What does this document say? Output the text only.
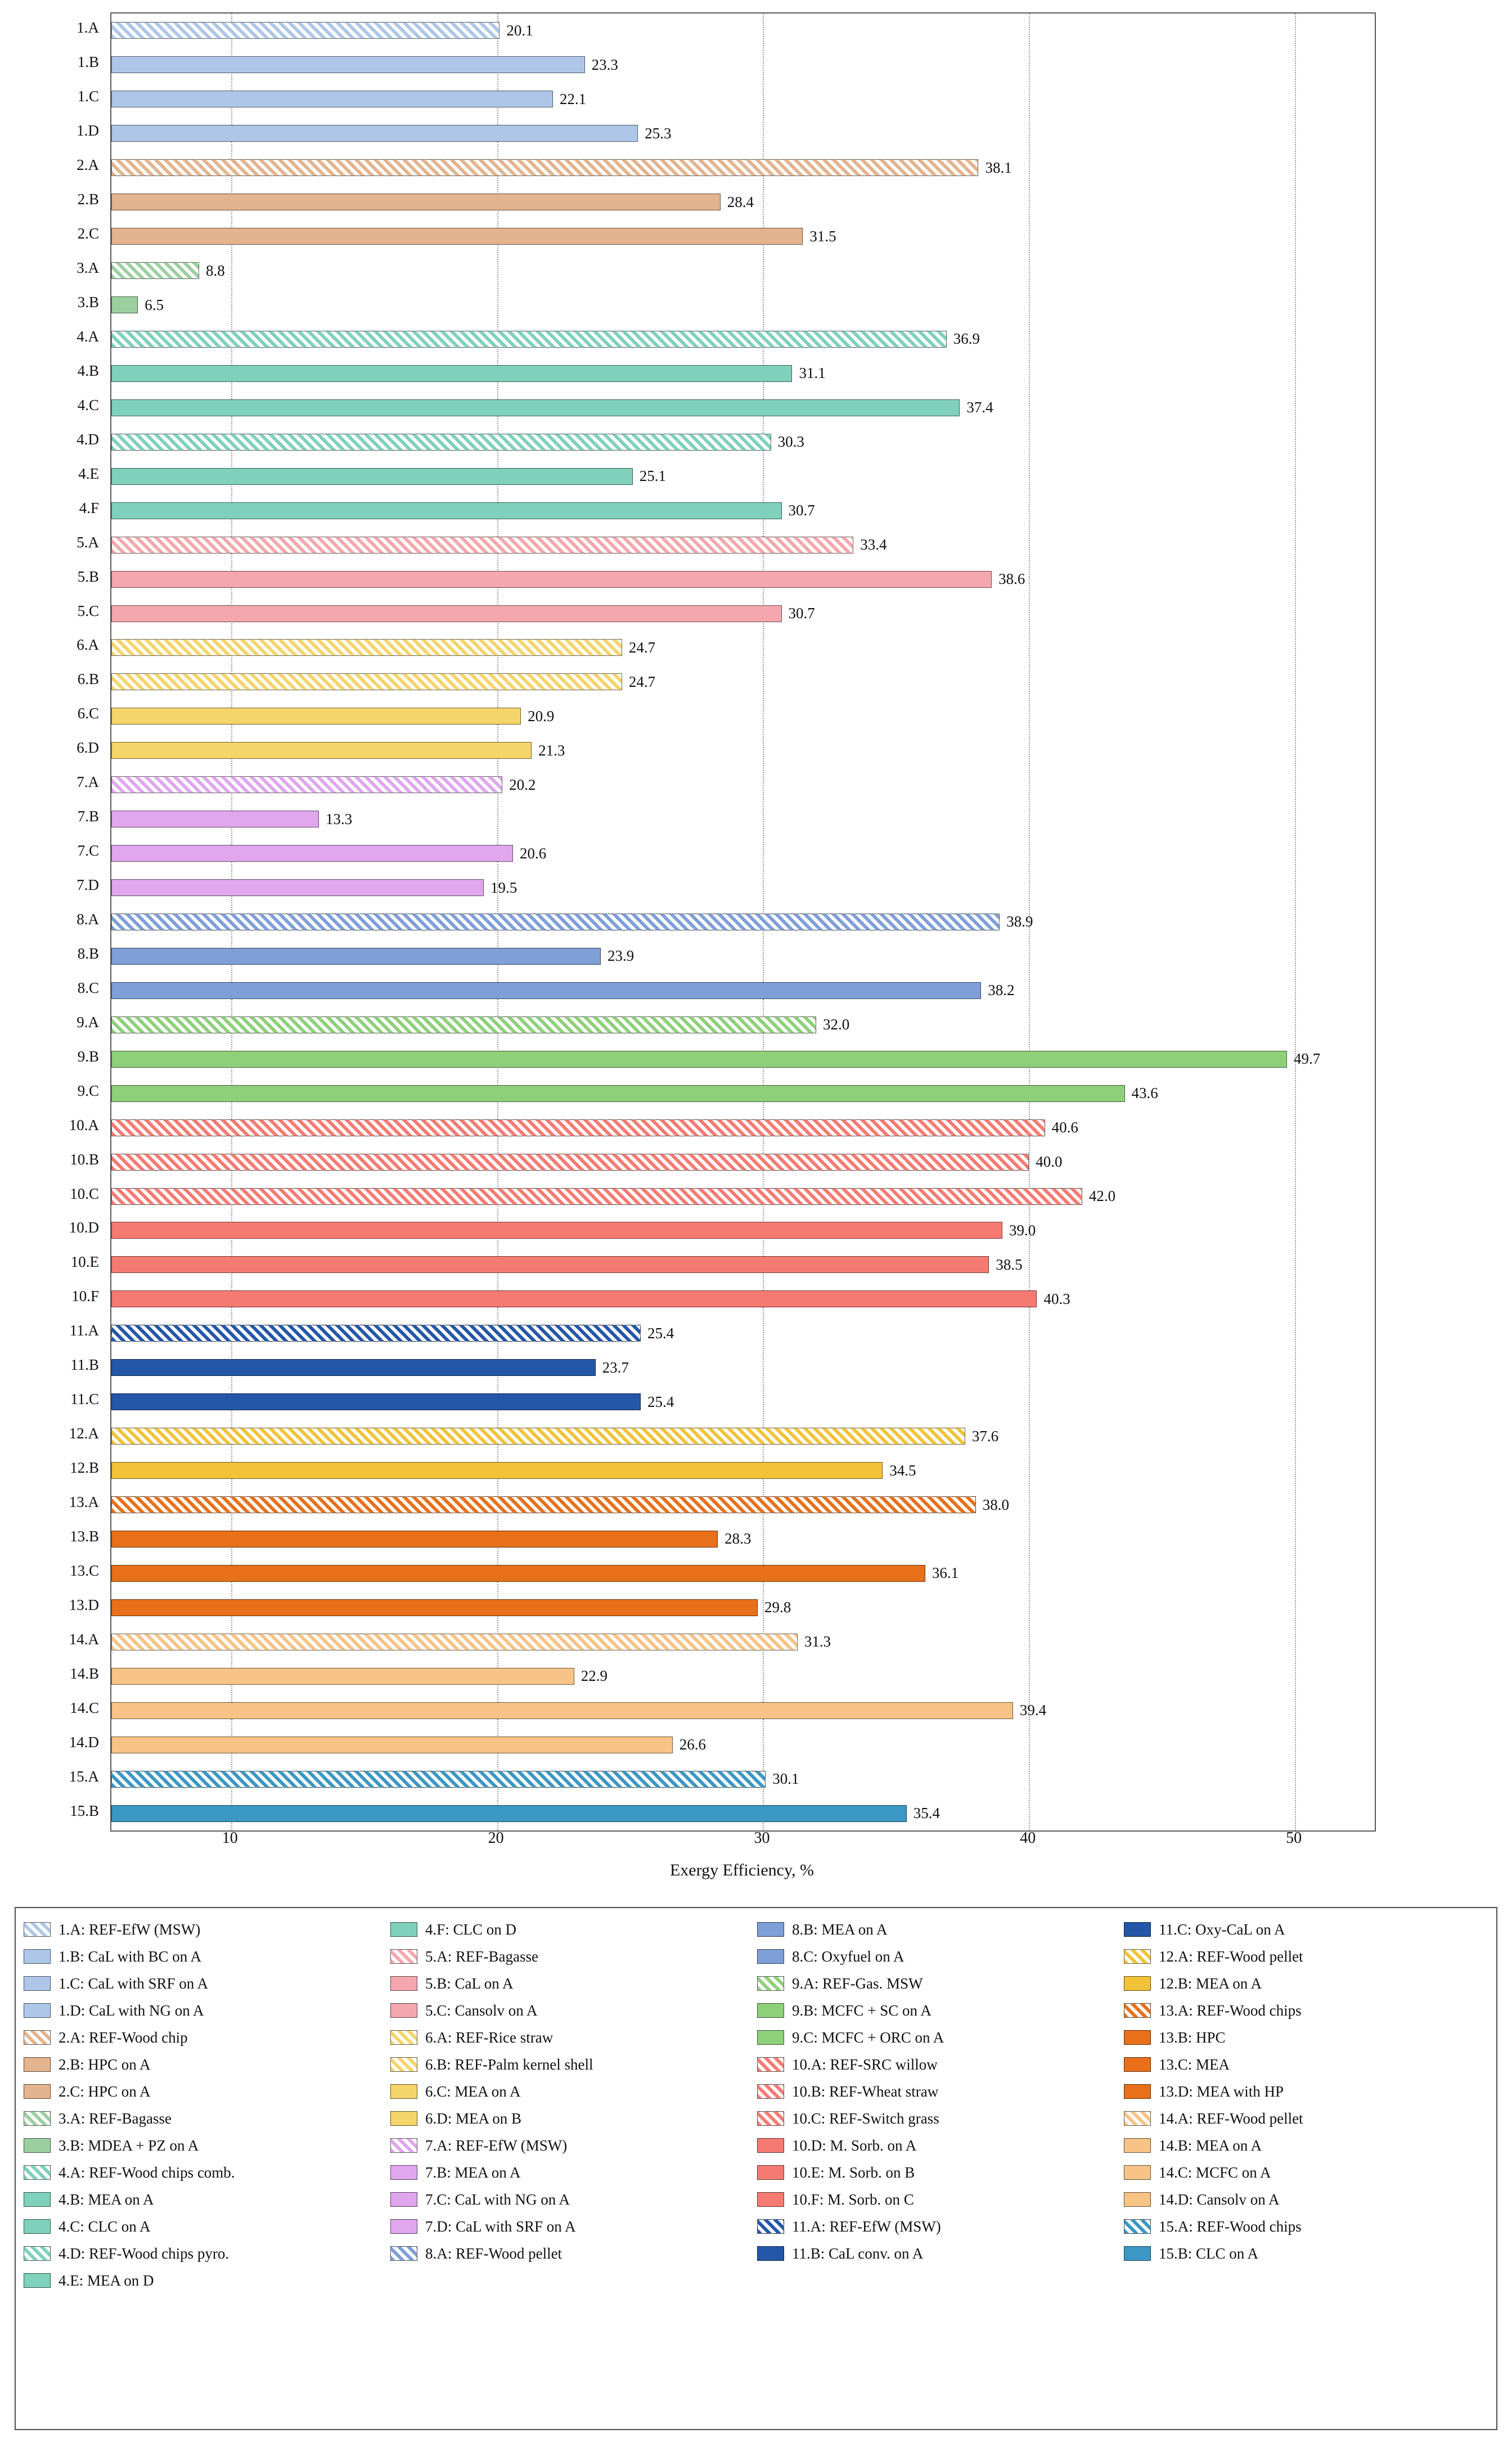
1.A
1.B
1.C
1.D
2.A
2.B
2.C
3.A
3.B
4.A
4.B
4.C
4.D
4.E
4.F
5.A
5.B
5.C
6.A
6.B
6.C
6.D
7.A
7.B
7.C
7.D
8.A
8.B
8.C
9.A
9.B
9.C
10.A
10.B
10.C
10.D
10.E
10.F
11.A
11.B
11.C
12.A
12.B
13.A
13.B
13.C
13.D
14.A
14.B
14.C
14.D
15.A
15.B
20.1
23.3
22.1
25.3
38.1
28.4
31.5
8.8
6.5
36.9
31.1
37.4
30.3
25.1
30.7
33.4
38.6
30.7
24.7
24.7
20.9
21.3
20.2
13.3
20.6
19.5
38.9
23.9
38.2
32.0
49.7
43.6
40.6
40.0
42.0
39.0
38.5
40.3
25.4
23.7
25.4
37.6
34.5
38.0
28.3
36.1
29.8
31.3
22.9
39.4
26.6
30.1
35.4
10	20	30	40	50
Exergy Efficiency, %
1.A: REF-EfW (MSW)
1.B: CaL with BC on A
1.C: CaL with SRF on A
1.D: CaL with NG on A
2.A: REF-Wood chip
2.B: HPC on A
2.C: HPC on A
3.A: REF-Bagasse
3.B: MDEA + PZ on A
4.A: REF-Wood chips comb.
4.B: MEA on A
4.C: CLC on A
4.D: REF-Wood chips pyro.
4.E: MEA on D
4.F: CLC on D
5.A: REF-Bagasse
5.B: CaL on A
5.C: Cansolv on A
6.A: REF-Rice straw
6.B: REF-Palm kernel shell
6.C: MEA on A
6.D: MEA on B
7.A: REF-EfW (MSW)
7.B: MEA on A
7.C: CaL with NG on A
7.D: CaL with SRF on A
8.A: REF-Wood pellet
8.B: MEA on A
8.C: Oxyfuel on A
9.A: REF-Gas. MSW
9.B: MCFC + SC on A
9.C: MCFC + ORC on A
10.A: REF-SRC willow
10.B: REF-Wheat straw
10.C: REF-Switch grass
10.D: M. Sorb. on A
10.E: M. Sorb. on B
10.F: M. Sorb. on C
11.A: REF-EfW (MSW)
11.B: CaL conv. on A
11.C: Oxy-CaL on A
12.A: REF-Wood pellet
12.B: MEA on A
13.A: REF-Wood chips
13.B: HPC
13.C: MEA
13.D: MEA with HP
14.A: REF-Wood pellet
14.B: MEA on A
14.C: MCFC on A
14.D: Cansolv on A
15.A: REF-Wood chips
15.B: CLC on A
